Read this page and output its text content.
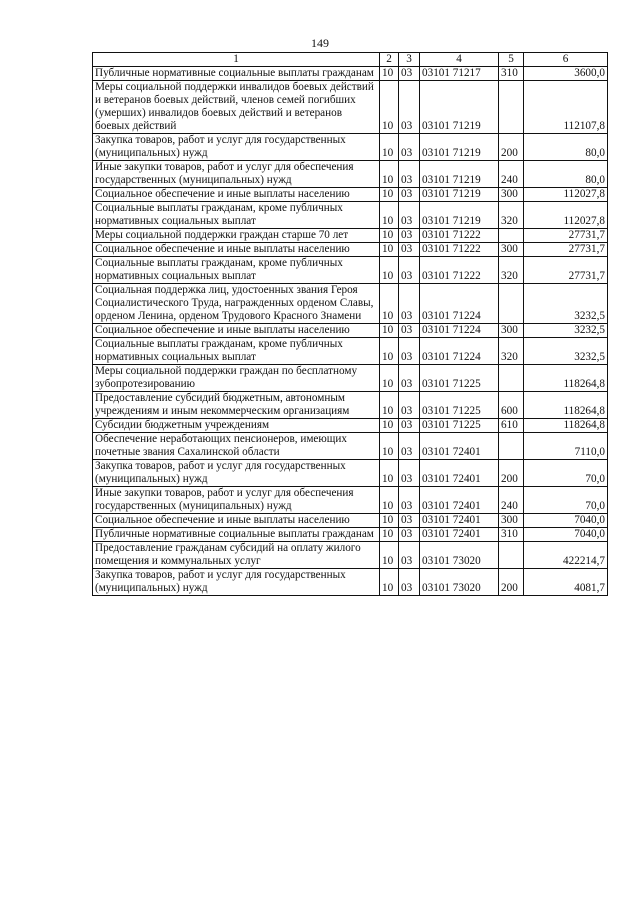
149
1	2	3	4	5	6
Публичные нормативные социальные выплаты гражданам	10	03	03101 71217	310	3600,0
Меры социальной поддержки инвалидов боевых действий и ветеранов боевых действий, членов семей погибших (умерших) инвалидов боевых действий и ветеранов боевых действий	10	03	03101 71219		112107,8
Закупка товаров, работ и услуг для государственных (муниципальных) нужд	10	03	03101 71219	200	80,0
Иные закупки товаров, работ и услуг для обеспечения государственных (муниципальных) нужд	10	03	03101 71219	240	80,0
Социальное обеспечение и иные выплаты населению	10	03	03101 71219	300	112027,8
Социальные выплаты гражданам, кроме публичных нормативных социальных выплат	10	03	03101 71219	320	112027,8
Меры социальной поддержки граждан старше 70 лет	10	03	03101 71222		27731,7
Социальное обеспечение и иные выплаты населению	10	03	03101 71222	300	27731,7
Социальные выплаты гражданам, кроме публичных нормативных социальных выплат	10	03	03101 71222	320	27731,7
Социальная поддержка лиц, удостоенных звания Героя Социалистического Труда, награжденных орденом Славы, орденом Ленина, орденом Трудового Красного Знамени	10	03	03101 71224		3232,5
Социальное обеспечение и иные выплаты населению	10	03	03101 71224	300	3232,5
Социальные выплаты гражданам, кроме публичных нормативных социальных выплат	10	03	03101 71224	320	3232,5
Меры социальной поддержки граждан по бесплатному зубопротезированию	10	03	03101 71225		118264,8
Предоставление субсидий бюджетным, автономным учреждениям и иным некоммерческим организациям	10	03	03101 71225	600	118264,8
Субсидии бюджетным учреждениям	10	03	03101 71225	610	118264,8
Обеспечение неработающих пенсионеров, имеющих почетные звания Сахалинской области	10	03	03101 72401		7110,0
Закупка товаров, работ и услуг для государственных (муниципальных) нужд	10	03	03101 72401	200	70,0
Иные закупки товаров, работ и услуг для обеспечения государственных (муниципальных) нужд	10	03	03101 72401	240	70,0
Социальное обеспечение и иные выплаты населению	10	03	03101 72401	300	7040,0
Публичные нормативные социальные выплаты гражданам	10	03	03101 72401	310	7040,0
Предоставление гражданам субсидий на оплату жилого помещения и коммунальных услуг	10	03	03101 73020		422214,7
Закупка товаров, работ и услуг для государственных (муниципальных) нужд	10	03	03101 73020	200	4081,7
